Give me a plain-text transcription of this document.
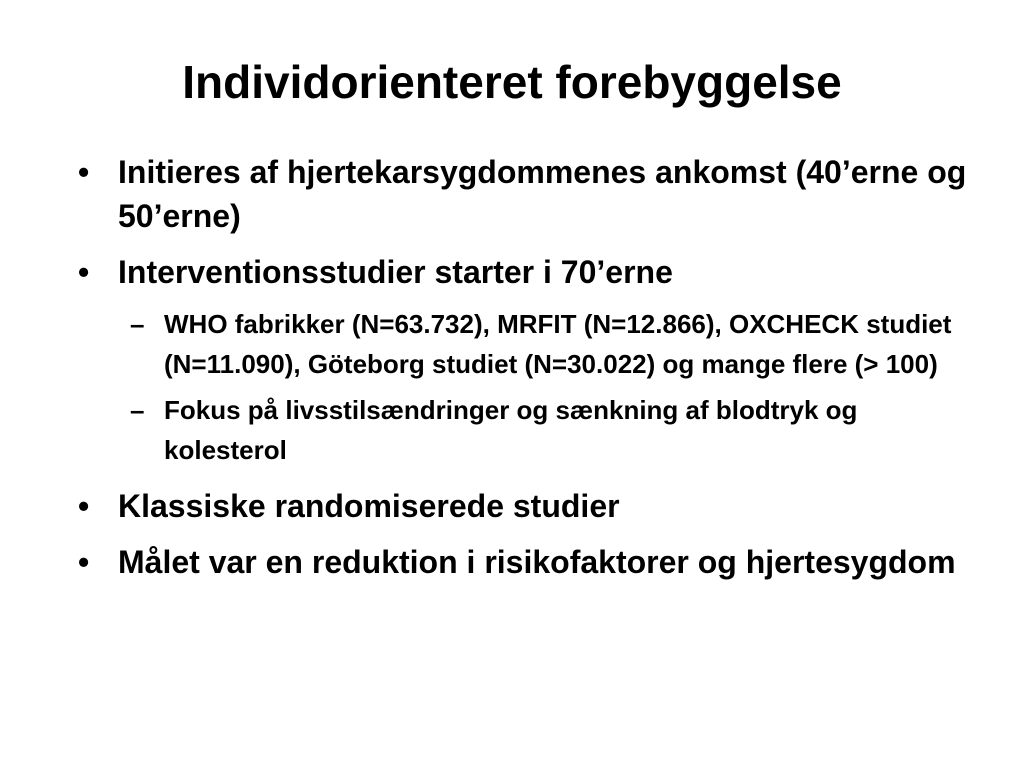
Individorienteret forebyggelse
• Initieres af hjertekarsygdommenes ankomst (40’erne og 50’erne)
• Interventionsstudier starter i 70’erne
– WHO fabrikker (N=63.732), MRFIT (N=12.866), OXCHECK studiet (N=11.090), Göteborg studiet (N=30.022) og mange flere (> 100)
– Fokus på livsstilsændringer og sænkning af blodtryk og kolesterol
• Klassiske randomiserede studier
• Målet var en reduktion i risikofaktorer og hjertesygdom
